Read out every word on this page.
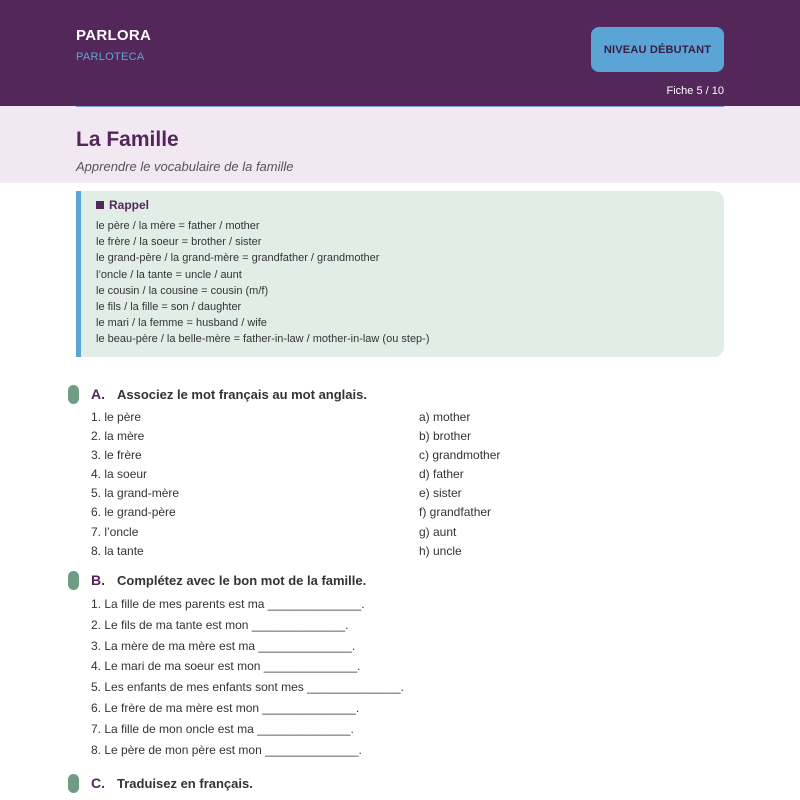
PARLORA
PARLOTECA
NIVEAU DÉBUTANT
Fiche 5 / 10
La Famille
Apprendre le vocabulaire de la famille
Rappel
le père / la mère = father / mother
le frère / la soeur = brother / sister
le grand-père / la grand-mère = grandfather / grandmother
l’oncle / la tante = uncle / aunt
le cousin / la cousine = cousin (m/f)
le fils / la fille = son / daughter
le mari / la femme = husband / wife
le beau-père / la belle-mère = father-in-law / mother-in-law (ou step-)
A. Associez le mot français au mot anglais.
1. le père
2. la mère
3. le frère
4. la soeur
5. la grand-mère
6. le grand-père
7. l’oncle
8. la tante
a) mother
b) brother
c) grandmother
d) father
e) sister
f) grandfather
g) aunt
h) uncle
B. Complétez avec le bon mot de la famille.
1. La fille de mes parents est ma ______________.
2. Le fils de ma tante est mon ______________.
3. La mère de ma mère est ma ______________.
4. Le mari de ma soeur est mon ______________.
5. Les enfants de mes enfants sont mes ______________.
6. Le frère de ma mère est mon ______________.
7. La fille de mon oncle est ma ______________.
8. Le père de mon père est mon ______________.
C. Traduisez en français.
